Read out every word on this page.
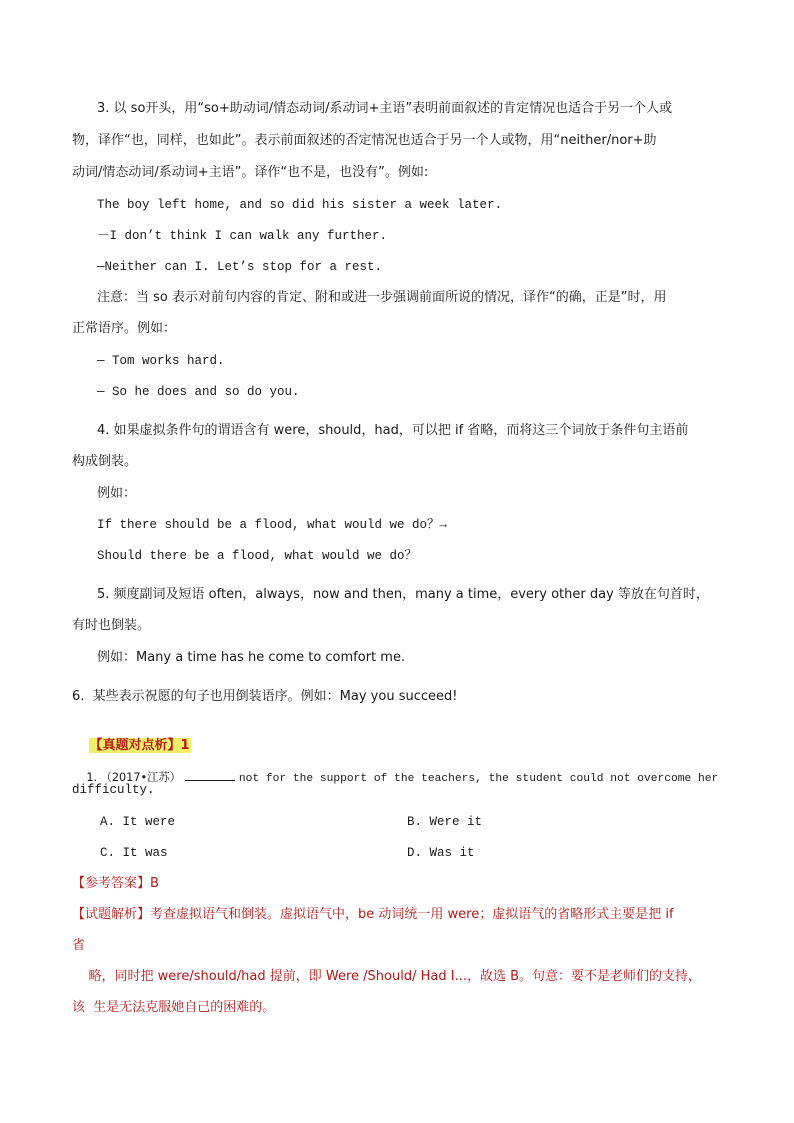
3. 以 so开头，用“so+助动词/情态动词/系动词+主语”表明前面叙述的肯定情况也适合于另一个人或
物，译作“也，同样，也如此”。表示前面叙述的否定情况也适合于另一个人或物，用“neither/nor+助
动词/情态动词/系动词+主语”。译作“也不是，也没有”。例如:
The boy left home, and so did his sister a week later.
－I don’t think I can walk any further.
—Neither can I. Let’s stop for a rest.
注意：当 so 表示对前句内容的肯定、附和或进一步强调前面所说的情况，译作“的确，正是”时，用
正常语序。例如：
— Tom works hard.
— So he does and so do you.
4. 如果虚拟条件句的谓语含有 were，should，had，可以把 if 省略，而将这三个词放于条件句主语前
构成倒装。
例如：
If there should be a flood, what would we do？→
Should there be a flood, what would we do？
5. 频度副词及短语 often，always，now and then，many a time，every other day 等放在句首时，
有时也倒装。
例如：Many a time has he come to comfort me.
6.  某些表示祝愿的句子也用倒装语序。例如：May you succeed!

【真题对点析】1

1. （2017•江苏）	not for the support of the teachers, the student could not overcome her

difficulty.
A. It were	B. Were it
C. It was	D. Was it
【参考答案】B
【试题解析】考查虚拟语气和倒装。虚拟语气中，be 动词统一用 were；虚拟语气的省略形式主要是把 if
省
略，同时把 were/should/had 提前，即 Were /Should/ Had I...，故选 B。句意：要不是老师们的支持，
该  生是无法克服她自己的困难的。
